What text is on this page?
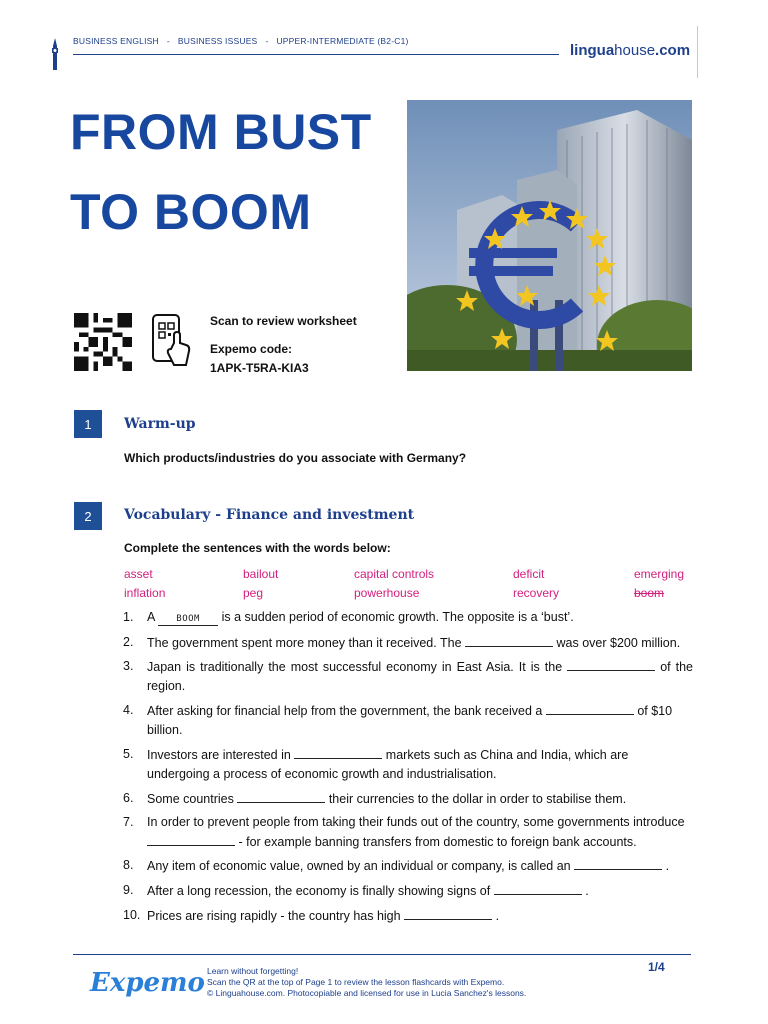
BUSINESS ENGLISH - BUSINESS ISSUES - UPPER-INTERMEDIATE (B2-C1)
linguahouse.com
FROM BUST
TO BOOM
Scan to review worksheet
Expemo code:
1APK-T5RA-KIA3
1	Warm-up
Which products/industries do you associate with Germany?
2	Vocabulary - Finance and investment
Complete the sentences with the words below:
asset	bailout	capital controls	deficit	emerging
inflation	peg	powerhouse	recovery	boom
1. A BOOM is a sudden period of economic growth. The opposite is a ‘bust’.
2. The government spent more money than it received. The	was over $200 million.
3. Japan is traditionally the most successful economy in East Asia. It is the	of the region.
4. After asking for financial help from the government, the bank received a	of $10 billion.
5. Investors are interested in	markets such as China and India, which are undergoing a process of economic growth and industrialisation.
6. Some countries	their currencies to the dollar in order to stabilise them.
7. In order to prevent people from taking their funds out of the country, some governments introduce  - for example banning transfers from domestic to foreign bank accounts.
8. Any item of economic value, owned by an individual or company, is called an	.
9. After a long recession, the economy is finally showing signs of	.
10. Prices are rising rapidly - the country has high	.
Expemo Learn without forgetting!
Scan the QR at the top of Page 1 to review the lesson flashcards with Expemo.
© Linguahouse.com. Photocopiable and licensed for use in Lucia Sanchez's lessons.
1/4
